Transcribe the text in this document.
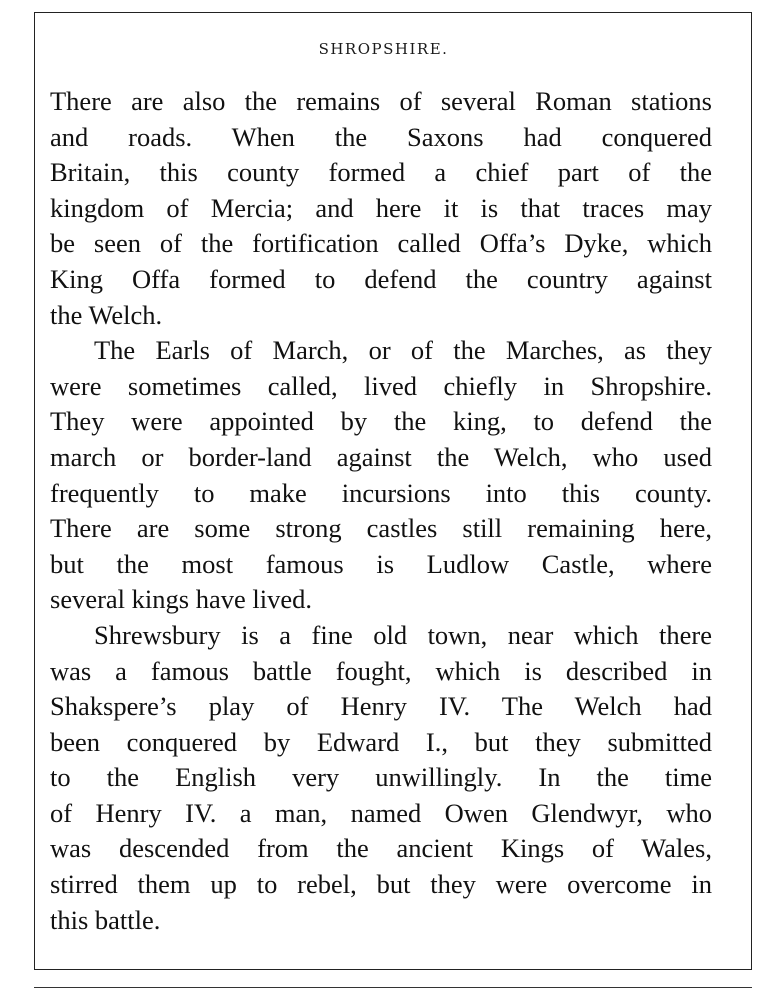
SHROPSHIRE.
There are also the remains of several Roman stations
and roads. When the Saxons had conquered
Britain, this county formed a chief part of the
kingdom of Mercia; and here it is that traces may
be seen of the fortification called Offa’s Dyke, which
King Offa formed to defend the country against
the Welch.
The Earls of March, or of the Marches, as they
were sometimes called, lived chiefly in Shropshire.
They were appointed by the king, to defend the
march or border-land against the Welch, who used
frequently to make incursions into this county.
There are some strong castles still remaining here,
but the most famous is Ludlow Castle, where
several kings have lived.
Shrewsbury is a fine old town, near which there
was a famous battle fought, which is described in
Shakspere’s play of Henry IV. The Welch had
been conquered by Edward I., but they submitted
to the English very unwillingly. In the time
of Henry IV. a man, named Owen Glendwyr, who
was descended from the ancient Kings of Wales,
stirred them up to rebel, but they were overcome in
this battle.
